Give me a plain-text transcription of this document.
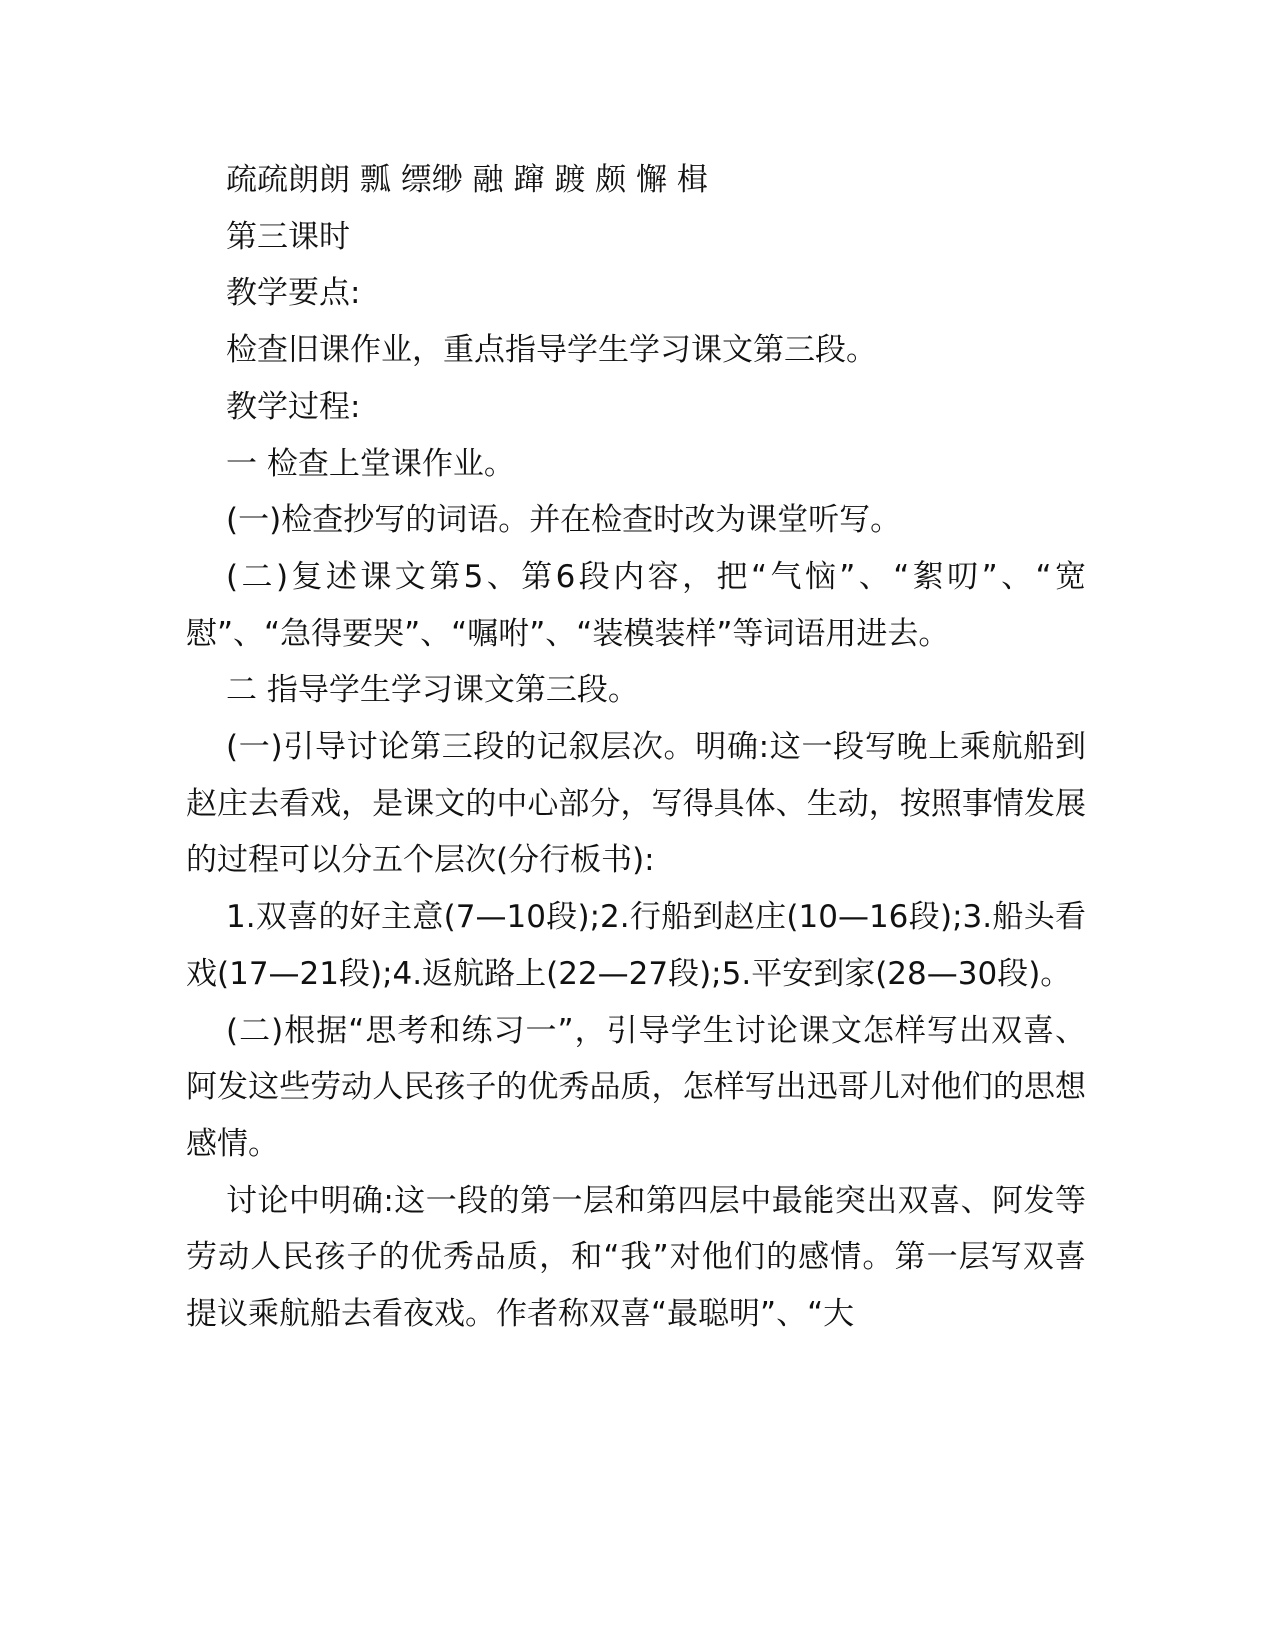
疏疏朗朗 瓢 缥缈 融 蹿 踱 颇 懈 楫

第三课时

教学要点:

检查旧课作业，重点指导学生学习课文第三段。

教学过程:

一 检查上堂课作业。

(一)检查抄写的词语。并在检查时改为课堂听写。

(二)复述课文第5、第6段内容，把“气恼”、“絮叨”、“宽慰”、“急得要哭”、“嘱咐”、“装模装样”等词语用进去。

二 指导学生学习课文第三段。

(一)引导讨论第三段的记叙层次。明确:这一段写晚上乘航船到赵庄去看戏，是课文的中心部分，写得具体、生动，按照事情发展的过程可以分五个层次(分行板书):

1.双喜的好主意(7—10段);2.行船到赵庄(10—16段);3.船头看戏(17—21段);4.返航路上(22—27段);5.平安到家(28—30段)。

(二)根据“思考和练习一”，引导学生讨论课文怎样写出双喜、阿发这些劳动人民孩子的优秀品质，怎样写出迅哥儿对他们的思想感情。

讨论中明确:这一段的第一层和第四层中最能突出双喜、阿发等劳动人民孩子的优秀品质，和“我”对他们的感情。第一层写双喜提议乘航船去看夜戏。作者称双喜“最聪明”、“大
